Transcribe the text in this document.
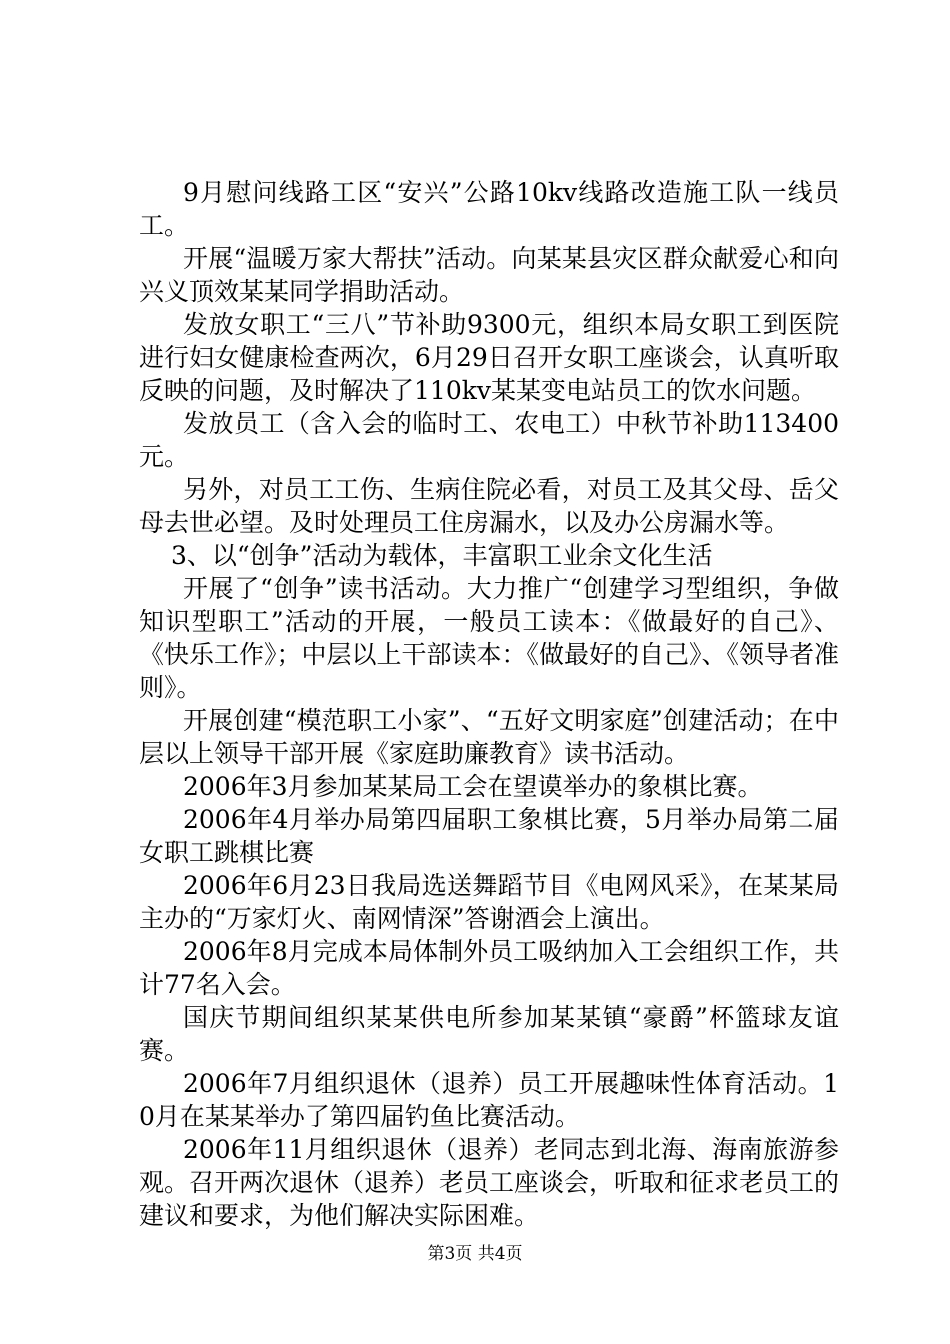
9月慰问线路工区“安兴”公路10kv线路改造施工队一线员工。

开展“温暖万家大帮扶”活动。向某某县灾区群众献爱心和向兴义顶效某某同学捐助活动。

发放女职工“三八”节补助9300元，组织本局女职工到医院进行妇女健康检查两次，6月29日召开女职工座谈会，认真听取反映的问题，及时解决了110kv某某变电站员工的饮水问题。

发放员工（含入会的临时工、农电工）中秋节补助113400元。

另外，对员工工伤、生病住院必看，对员工及其父母、岳父母去世必望。及时处理员工住房漏水，以及办公房漏水等。

3、以“创争”活动为载体，丰富职工业余文化生活

开展了“创争”读书活动。大力推广“创建学习型组织，争做知识型职工”活动的开展，一般员工读本：《做最好的自己》、《快乐工作》；中层以上干部读本：《做最好的自己》、《领导者准则》。

开展创建“模范职工小家”、“五好文明家庭”创建活动；在中层以上领导干部开展《家庭助廉教育》读书活动。

2006年3月参加某某局工会在望谟举办的象棋比赛。

2006年4月举办局第四届职工象棋比赛，5月举办局第二届女职工跳棋比赛

2006年6月23日我局选送舞蹈节目《电网风采》，在某某局主办的“万家灯火、南网情深”答谢酒会上演出。

2006年8月完成本局体制外员工吸纳加入工会组织工作，共计77名入会。

国庆节期间组织某某供电所参加某某镇“豪爵”杯篮球友谊赛。

2006年7月组织退休（退养）员工开展趣味性体育活动。10月在某某举办了第四届钓鱼比赛活动。

2006年11月组织退休（退养）老同志到北海、海南旅游参观。召开两次退休（退养）老员工座谈会，听取和征求老员工的建议和要求，为他们解决实际困难。

第3页 共4页
